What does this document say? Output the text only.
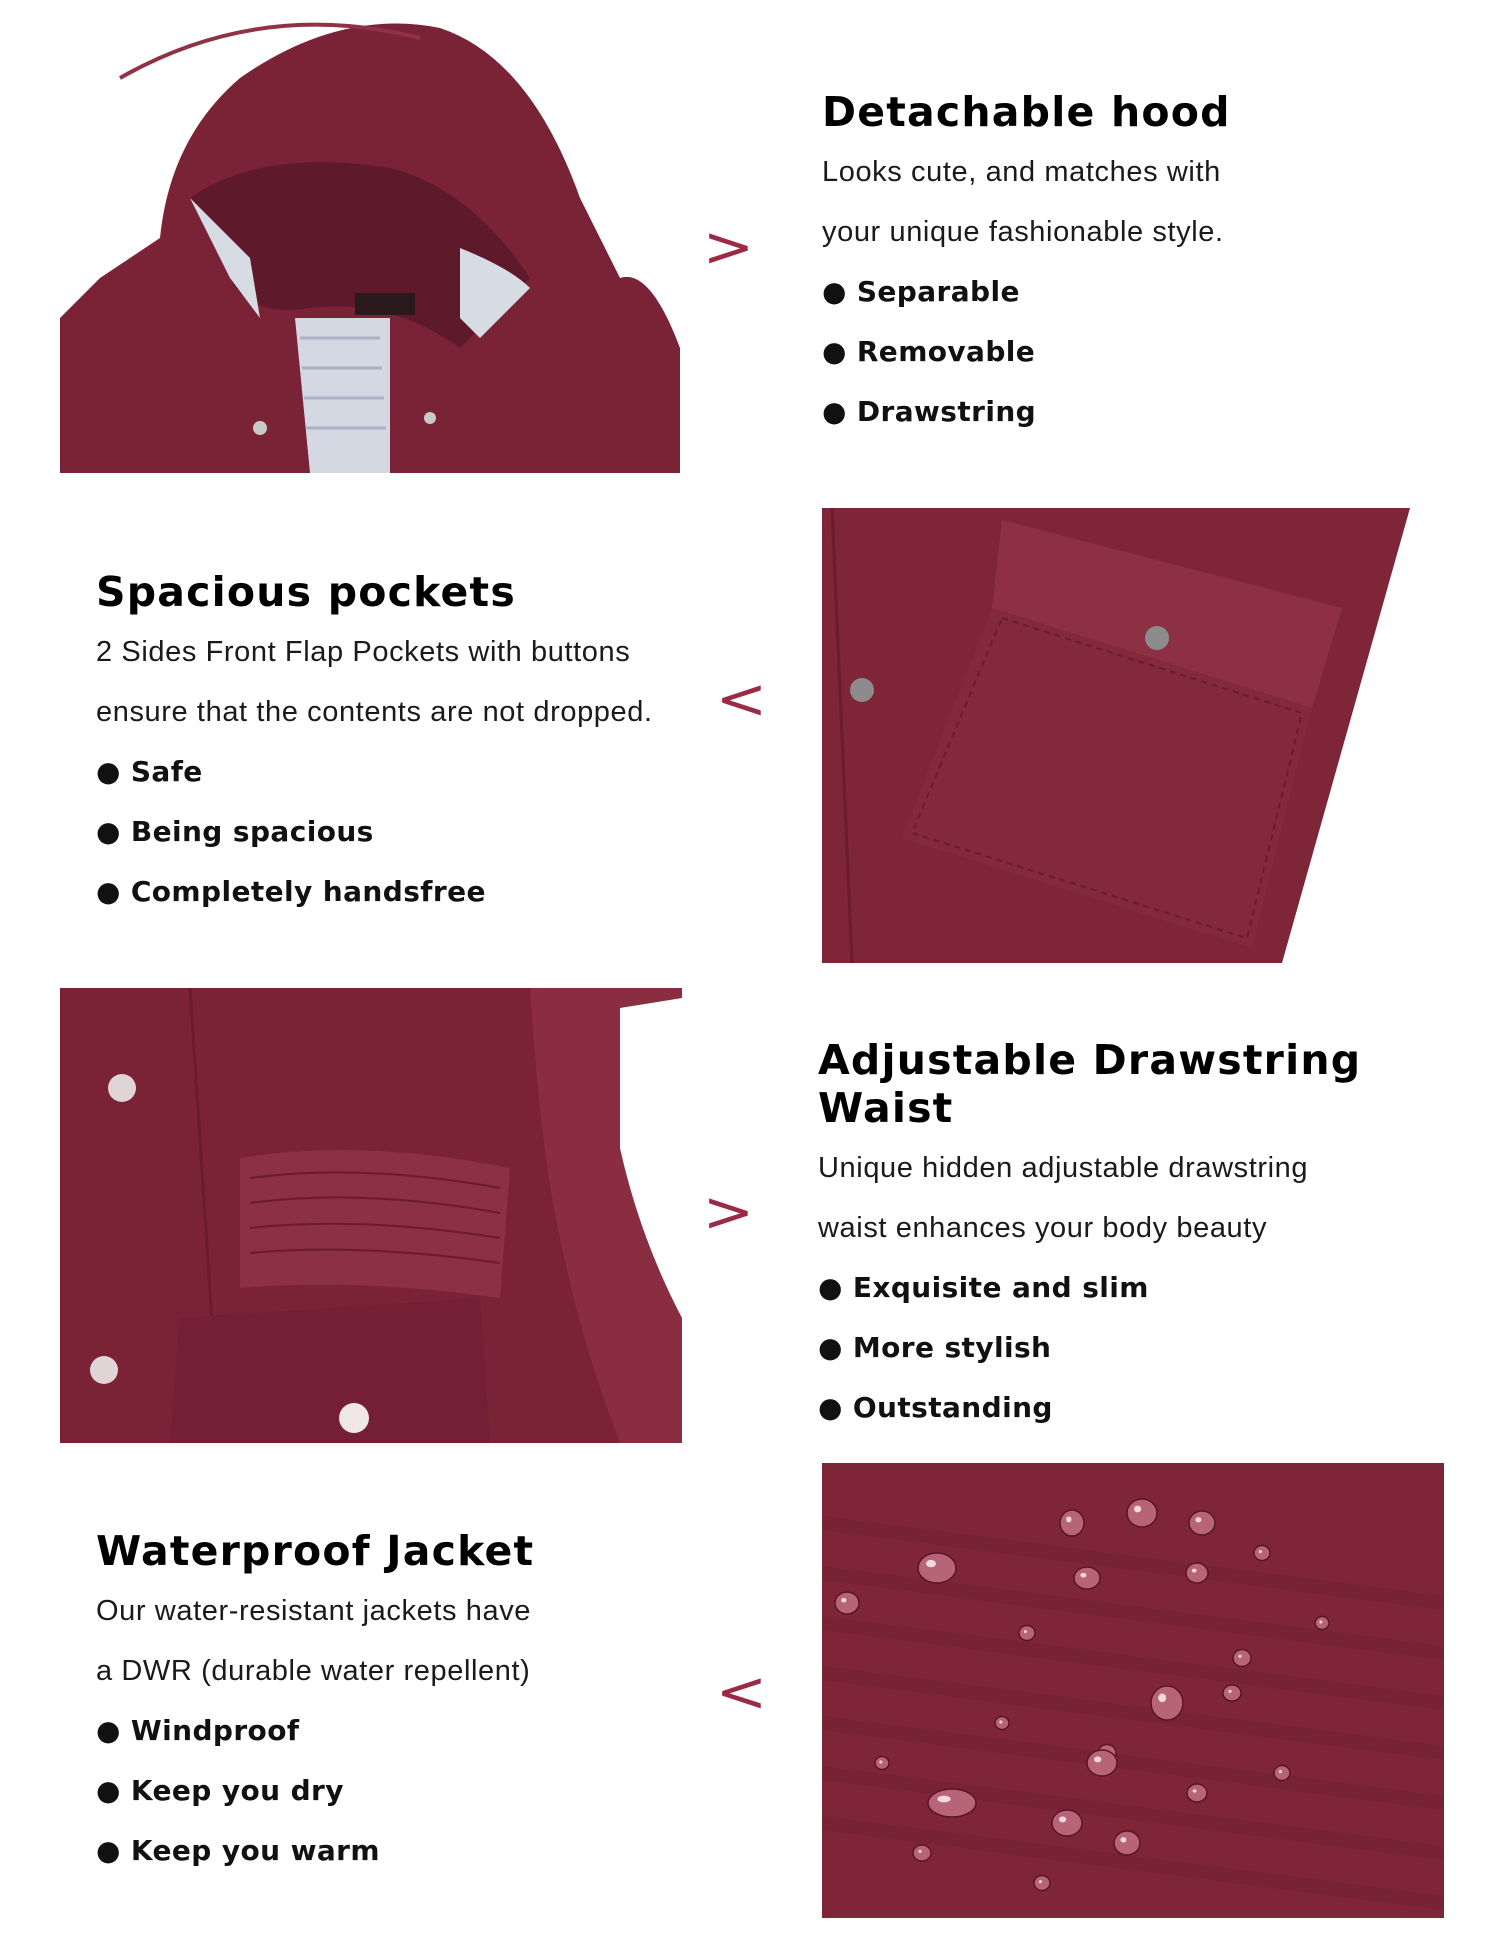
>
Detachable hood

Looks cute, and matches with
your unique fashionable style.

● Separable
● Removable
● Drawstring
Spacious pockets

2 Sides Front Flap Pockets with buttons
ensure that the contents are not dropped.

● Safe
● Being spacious
● Completely handsfree
<
>
Adjustable Drawstring Waist

Unique hidden adjustable drawstring
waist enhances your body beauty

● Exquisite and slim
● More stylish
● Outstanding
Waterproof Jacket

Our water-resistant jackets have
a DWR (durable water repellent)

● Windproof
● Keep you dry
● Keep you warm
<
